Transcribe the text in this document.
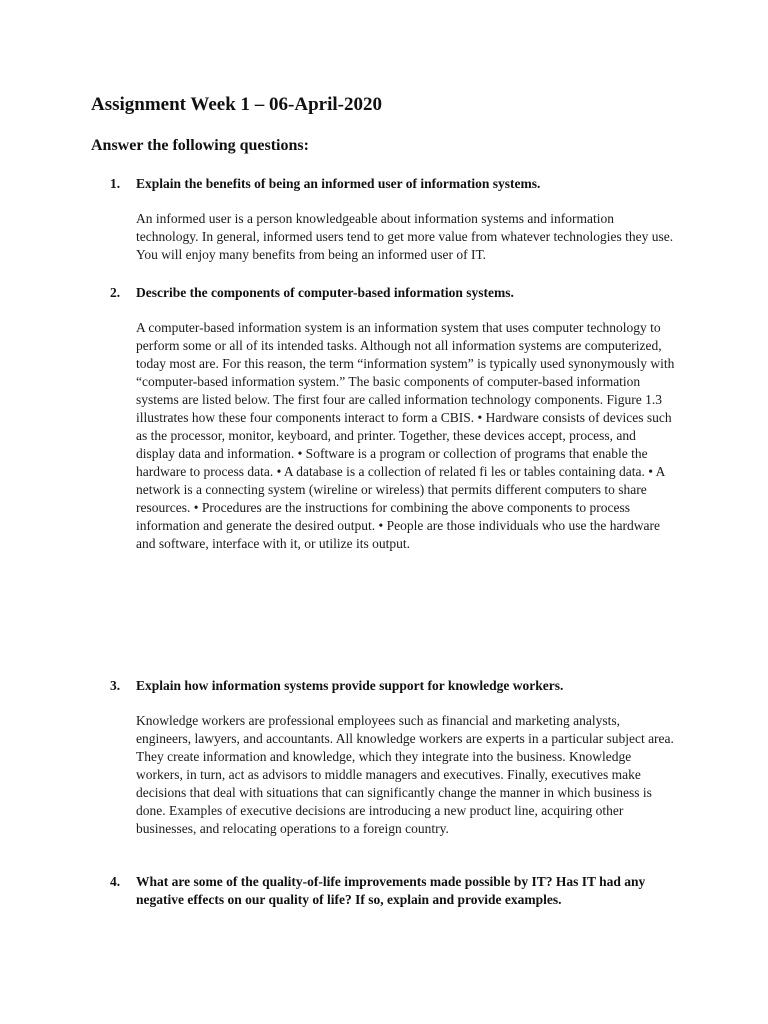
Assignment Week 1 – 06-April-2020
Answer the following questions:
1. Explain the benefits of being an informed user of information systems.

An informed user is a person knowledgeable about information systems and information technology. In general, informed users tend to get more value from whatever technologies they use. You will enjoy many benefits from being an informed user of IT.

2. Describe the components of computer-based information systems.

A computer-based information system is an information system that uses computer technology to perform some or all of its intended tasks. Although not all information systems are computerized, today most are. For this reason, the term “information system” is typically used synonymously with “computer-based information system.” The basic components of computer-based information systems are listed below. The first four are called information technology components. Figure 1.3 illustrates how these four components interact to form a CBIS. • Hardware consists of devices such as the processor, monitor, keyboard, and printer. Together, these devices accept, process, and display data and information. • Software is a program or collection of programs that enable the hardware to process data. • A database is a collection of related fi les or tables containing data. • A network is a connecting system (wireline or wireless) that permits different computers to share resources. • Procedures are the instructions for combining the above components to process information and generate the desired output. • People are those individuals who use the hardware and software, interface with it, or utilize its output.

3. Explain how information systems provide support for knowledge workers.

Knowledge workers are professional employees such as financial and marketing analysts, engineers, lawyers, and accountants. All knowledge workers are experts in a particular subject area. They create information and knowledge, which they integrate into the business. Knowledge workers, in turn, act as advisors to middle managers and executives. Finally, executives make decisions that deal with situations that can significantly change the manner in which business is done. Examples of executive decisions are introducing a new product line, acquiring other businesses, and relocating operations to a foreign country.

4. What are some of the quality-of-life improvements made possible by IT? Has IT had any negative effects on our quality of life? If so, explain and provide examples.
